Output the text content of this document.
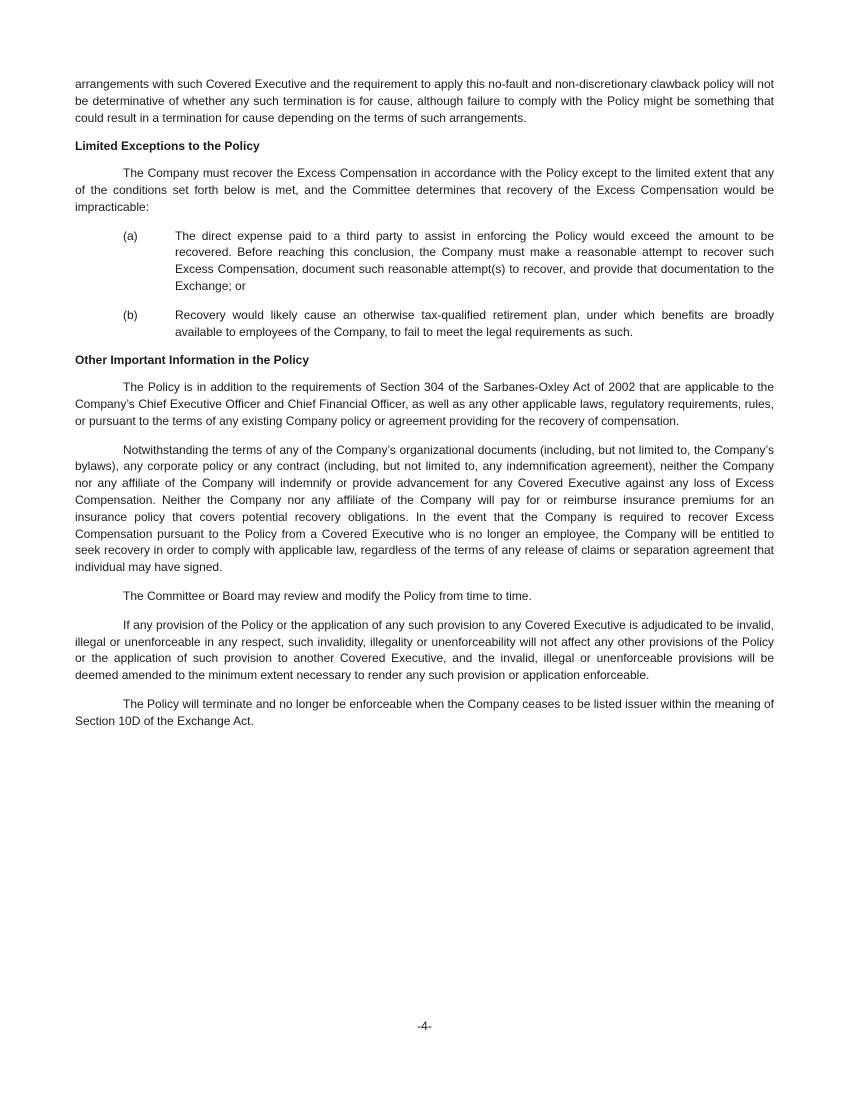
arrangements with such Covered Executive and the requirement to apply this no-fault and non-discretionary clawback policy will not be determinative of whether any such termination is for cause, although failure to comply with the Policy might be something that could result in a termination for cause depending on the terms of such arrangements.

Limited Exceptions to the Policy

The Company must recover the Excess Compensation in accordance with the Policy except to the limited extent that any of the conditions set forth below is met, and the Committee determines that recovery of the Excess Compensation would be impracticable:

(a)	The direct expense paid to a third party to assist in enforcing the Policy would exceed the amount to be recovered. Before reaching this conclusion, the Company must make a reasonable attempt to recover such Excess Compensation, document such reasonable attempt(s) to recover, and provide that documentation to the Exchange; or
(b)	Recovery would likely cause an otherwise tax-qualified retirement plan, under which benefits are broadly available to employees of the Company, to fail to meet the legal requirements as such.
Other Important Information in the Policy

The Policy is in addition to the requirements of Section 304 of the Sarbanes-Oxley Act of 2002 that are applicable to the Company’s Chief Executive Officer and Chief Financial Officer, as well as any other applicable laws, regulatory requirements, rules, or pursuant to the terms of any existing Company policy or agreement providing for the recovery of compensation.

Notwithstanding the terms of any of the Company’s organizational documents (including, but not limited to, the Company’s bylaws), any corporate policy or any contract (including, but not limited to, any indemnification agreement), neither the Company nor any affiliate of the Company will indemnify or provide advancement for any Covered Executive against any loss of Excess Compensation. Neither the Company nor any affiliate of the Company will pay for or reimburse insurance premiums for an insurance policy that covers potential recovery obligations. In the event that the Company is required to recover Excess Compensation pursuant to the Policy from a Covered Executive who is no longer an employee, the Company will be entitled to seek recovery in order to comply with applicable law, regardless of the terms of any release of claims or separation agreement that individual may have signed.

The Committee or Board may review and modify the Policy from time to time.

If any provision of the Policy or the application of any such provision to any Covered Executive is adjudicated to be invalid, illegal or unenforceable in any respect, such invalidity, illegality or unenforceability will not affect any other provisions of the Policy or the application of such provision to another Covered Executive, and the invalid, illegal or unenforceable provisions will be deemed amended to the minimum extent necessary to render any such provision or application enforceable.

The Policy will terminate and no longer be enforceable when the Company ceases to be listed issuer within the meaning of Section 10D of the Exchange Act.

-4-
